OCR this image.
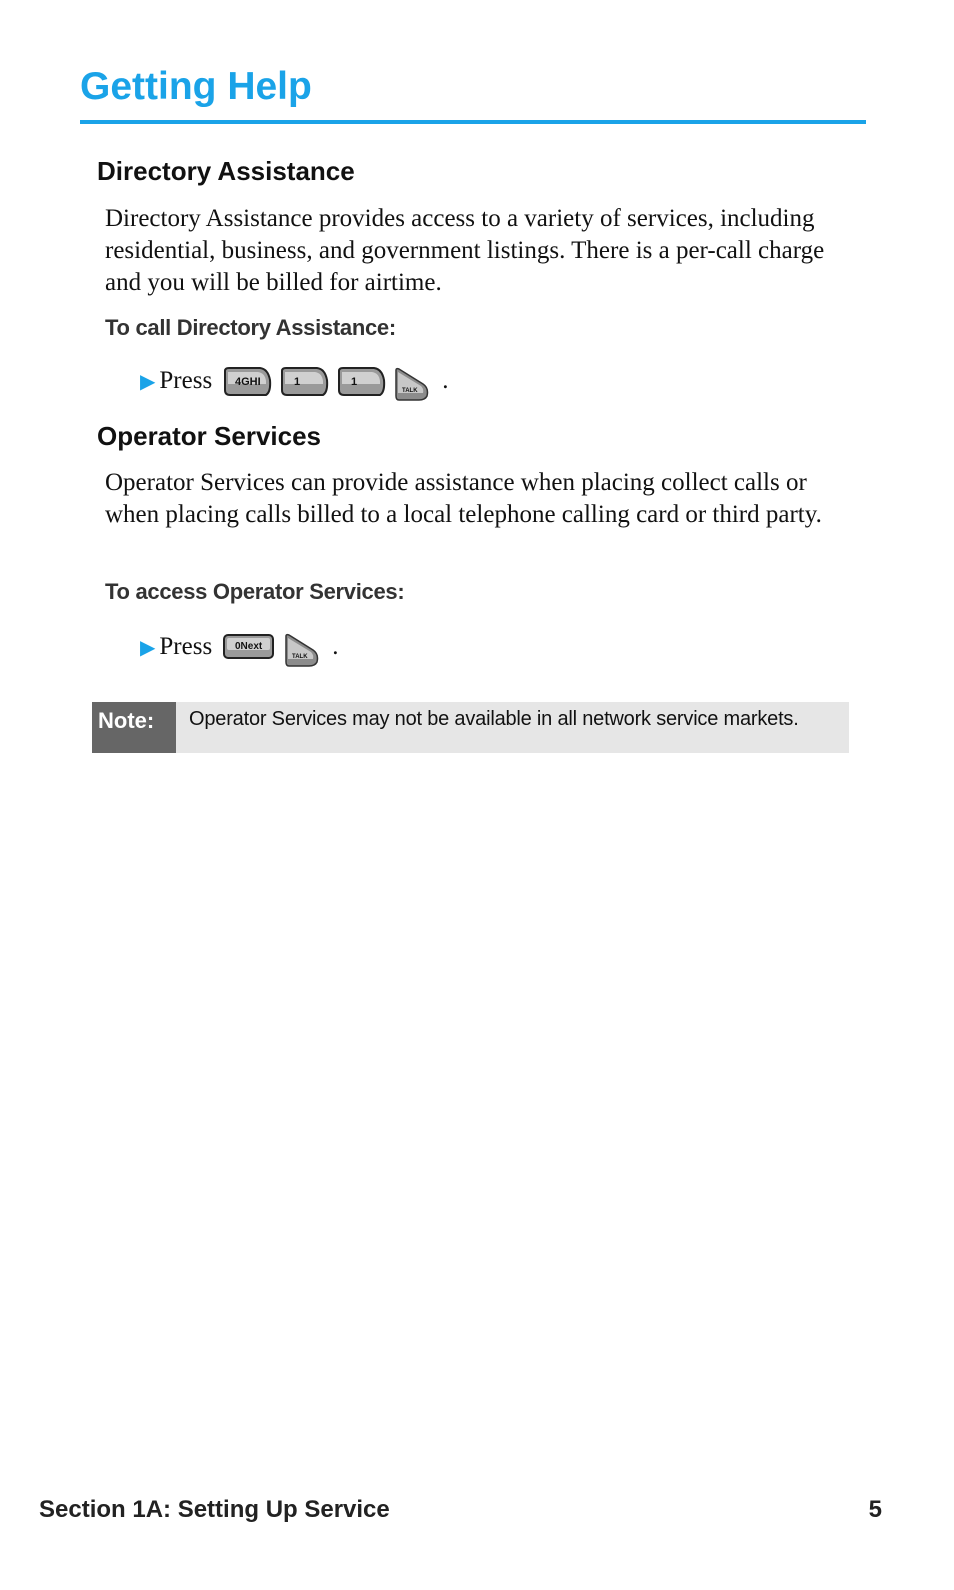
Getting Help
Directory Assistance

Directory Assistance provides access to a variety of services, including residential, business, and government listings. There is a per-call charge and you will be billed for airtime.

To call Directory Assistance:
▶ Press 4GHI	1	1
TALK .
Operator Services

Operator Services can provide assistance when placing collect calls or when placing calls billed to a local telephone calling card or third party.

To access Operator Services:
▶ Press 0Next
TALK .
Note:	Operator Services may not be available in all network service markets.
Section 1A: Setting Up Service	5
